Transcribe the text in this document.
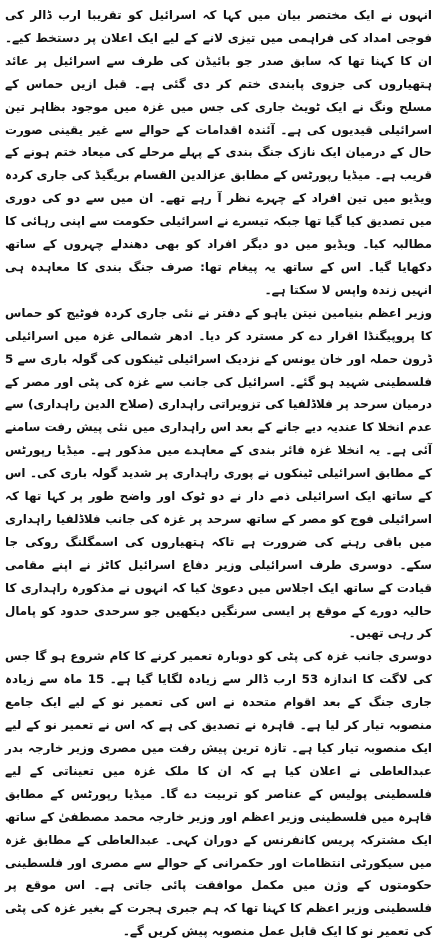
انہوں نے ایک مختصر بیان میں کہا کہ اسرائیل کو تقریبا ارب ڈالر کی فوجی امداد کی فراہمی میں تیزی لانے کے لیے ایک اعلان پر دستخط کیے۔ ان کا کہنا تھا کہ سابق صدر جو بائیڈن کی طرف سے اسرائیل پر عائد ہتھیاروں کی جزوی پابندی ختم کر دی گئی ہے۔ قبل ازیں حماس کے مسلح ونگ نے ایک ٹویٹ جاری کی جس میں غزہ میں موجود بظاہر تین اسرائیلی قیدیوں کی ہے۔ آئندہ اقدامات کے حوالے سے غیر یقینی صورت حال کے درمیان ایک نازک جنگ بندی کے پہلے مرحلے کی میعاد ختم ہونے کے قریب ہے۔ میڈیا رپورٹس کے مطابق عزالدین القسام بریگیڈ کی جاری کردہ ویڈیو میں تین افراد کے چہرے نظر آ رہے تھے۔ ان میں سے دو کی دوری میں تصدیق کیا گیا تھا جبکہ تیسرے نے اسرائیلی حکومت سے اپنی رہائی کا مطالبہ کیا۔ ویڈیو میں دو دیگر افراد کو بھی دھندلے چہروں کے ساتھ دکھایا گیا۔ اس کے ساتھ یہ پیغام تھا: صرف جنگ بندی کا معاہدہ ہی انہیں زندہ واپس لا سکتا ہے۔
وزیر اعظم بنیامین نیتن یاہو کے دفتر نے نئی جاری کردہ فوٹیج کو حماس کا پروپیگنڈا اقرار دے کر مسترد کر دیا۔ ادھر شمالی غزہ میں اسرائیلی ڈرون حملہ اور خان یونس کے نزدیک اسرائیلی ٹینکوں کی گولہ باری سے 5 فلسطینی شہید ہو گئے۔ اسرائیل کی جانب سے غزہ کی پٹی اور مصر کے درمیان سرحد پر فلاڈلفیا کی تزویراتی راہداری (صلاح الدین راہداری) سے عدم انخلا کا عندیہ دیے جانے کے بعد اس راہداری میں نئی پیش رفت سامنے آئی ہے۔ یہ انخلا غزہ فائر بندی کے معاہدے میں مذکور ہے۔ میڈیا رپورٹس کے مطابق اسرائیلی ٹینکوں نے پوری راہداری پر شدید گولہ باری کی۔ اس کے ساتھ ایک اسرائیلی ذمے دار نے دو ٹوک اور واضح طور پر کہا تھا کہ اسرائیلی فوج کو مصر کے ساتھ سرحد پر غزہ کی جانب فلاڈلفیا راہداری میں باقی رہنے کی ضرورت ہے تاکہ ہتھیاروں کی اسمگلنگ روکی جا سکے۔ دوسری طرف اسرائیلی وزیر دفاع اسرائیل کاٹز نے اپنے مقامی قیادت کے ساتھ ایک اجلاس میں دعویٰ کیا کہ انہوں نے مذکورہ راہداری کا حالیہ دورے کے موقع پر ایسی سرنگیں دیکھیں جو سرحدی حدود کو پامال کر رہی تھیں۔
دوسری جانب غزہ کی پٹی کو دوبارہ تعمیر کرنے کا کام شروع ہو گا جس کی لاگت کا اندازہ 53 ارب ڈالر سے زیادہ لگایا گیا ہے۔ 15 ماہ سے زیادہ جاری جنگ کے بعد اقوام متحدہ نے اس کی تعمیر نو کے لیے ایک جامع منصوبہ تیار کر لیا ہے۔ قاہرہ نے تصدیق کی ہے کہ اس نے تعمیر نو کے لیے ایک منصوبہ تیار کیا ہے۔ تازہ ترین پیش رفت میں مصری وزیر خارجہ بدر عبدالعاطی نے اعلان کیا ہے کہ ان کا ملک غزہ میں تعیناتی کے لیے فلسطینی پولیس کے عناصر کو تربیت دے گا۔ میڈیا رپورٹس کے مطابق قاہرہ میں فلسطینی وزیر اعظم اور وزیر خارجہ محمد مصطفیٰ کے ساتھ ایک مشترکہ پریس کانفرنس کے دوران کہی۔ عبدالعاطی کے مطابق غزہ میں سیکورٹی انتظامات اور حکمرانی کے حوالے سے مصری اور فلسطینی حکومتوں کے وژن میں مکمل موافقت پائی جاتی ہے۔ اس موقع پر فلسطینی وزیر اعظم کا کہنا تھا کہ ہم جبری ہجرت کے بغیر غزہ کی پٹی کی تعمیر نو کا ایک قابل عمل منصوبہ پیش کریں گے۔
